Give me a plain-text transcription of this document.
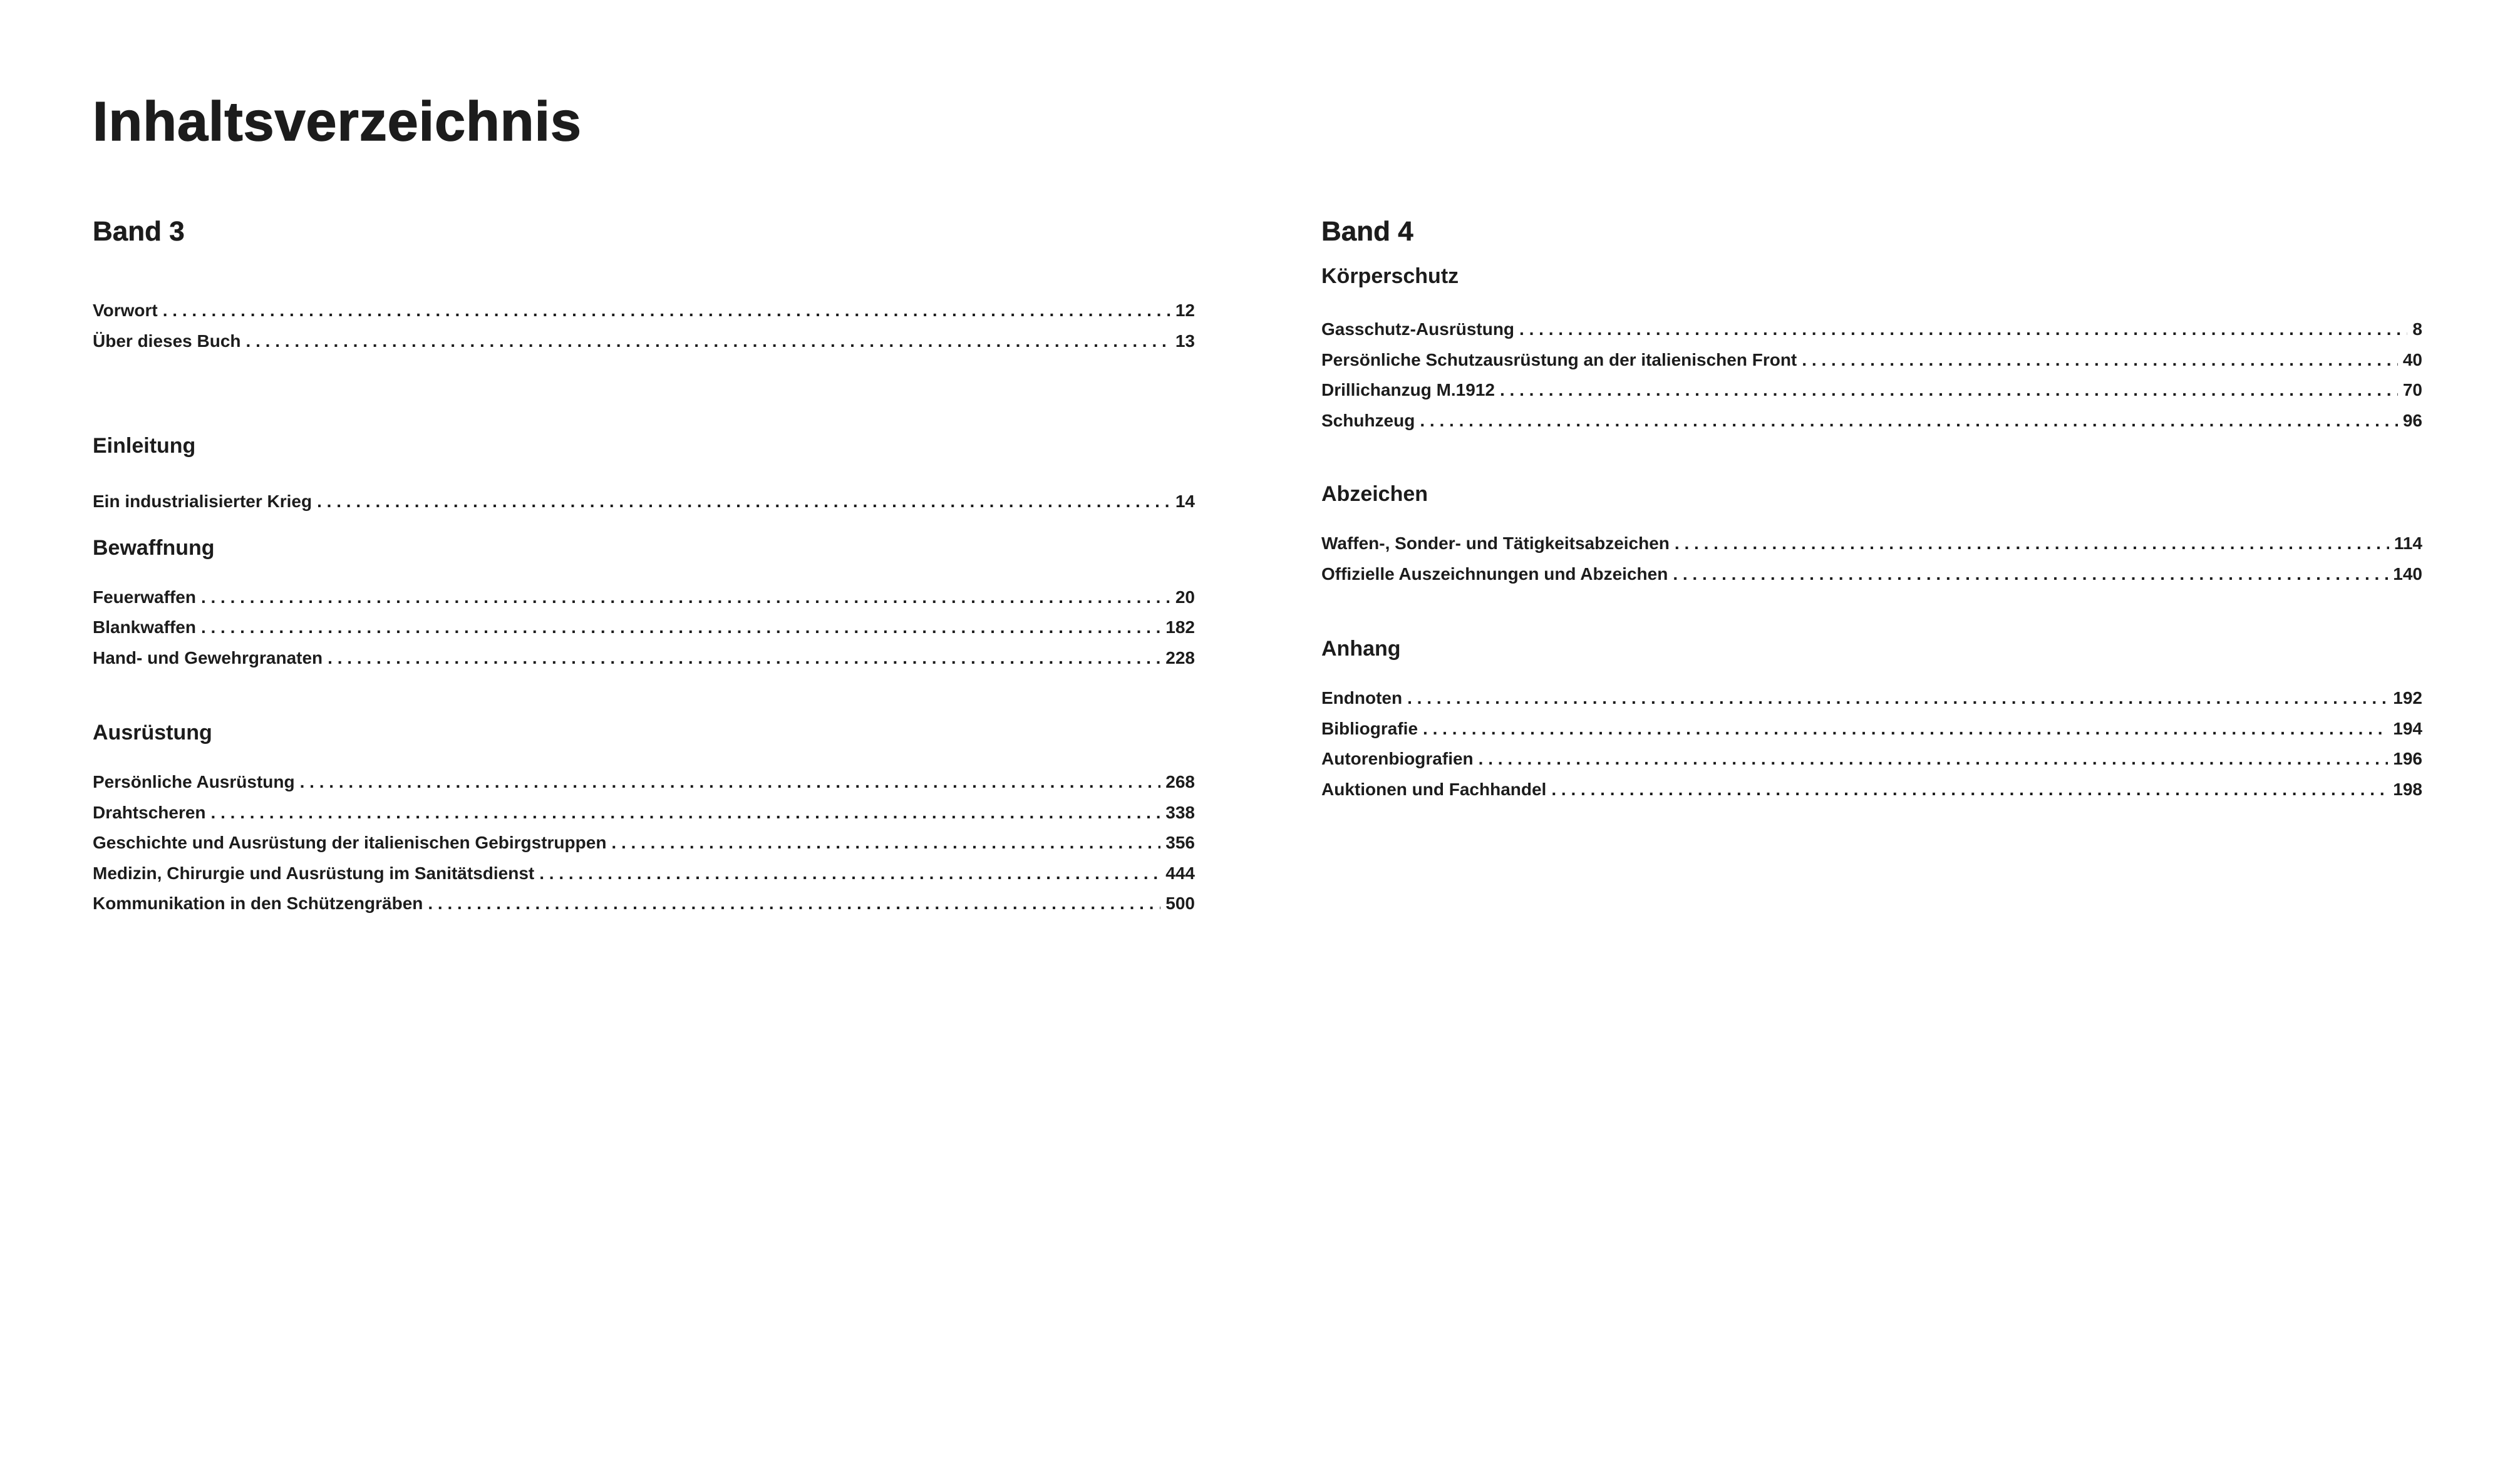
Inhaltsverzeichnis
Band 3
Vorwort . . .	12
Über dieses Buch . . .	13
Einleitung
Ein industrialisierter Krieg . . .	14
Bewaffnung
Feuerwaffen . . .	20
Blankwaffen . . .	182
Hand- und Gewehrgranaten . . .	228
Ausrüstung
Persönliche Ausrüstung . . .	268
Drahtscheren . . .	338
Geschichte und Ausrüstung der italienischen Gebirgstruppen . . .	356
Medizin, Chirurgie und Ausrüstung im Sanitätsdienst . . .	444
Kommunikation in den Schützengräben . . .	500
Band 4
Körperschutz
Gasschutz-Ausrüstung . . .	8
Persönliche Schutzausrüstung an der italienischen Front . . .	40
Drillichanzug M.1912 . . .	70
Schuhzeug . . .	96
Abzeichen
Waffen-, Sonder- und Tätigkeitsabzeichen . . .	114
Offizielle Auszeichnungen und Abzeichen . . .	140
Anhang
Endnoten . . .	192
Bibliografie . . .	194
Autorenbiografien . . .	196
Auktionen und Fachhandel . . .	198
